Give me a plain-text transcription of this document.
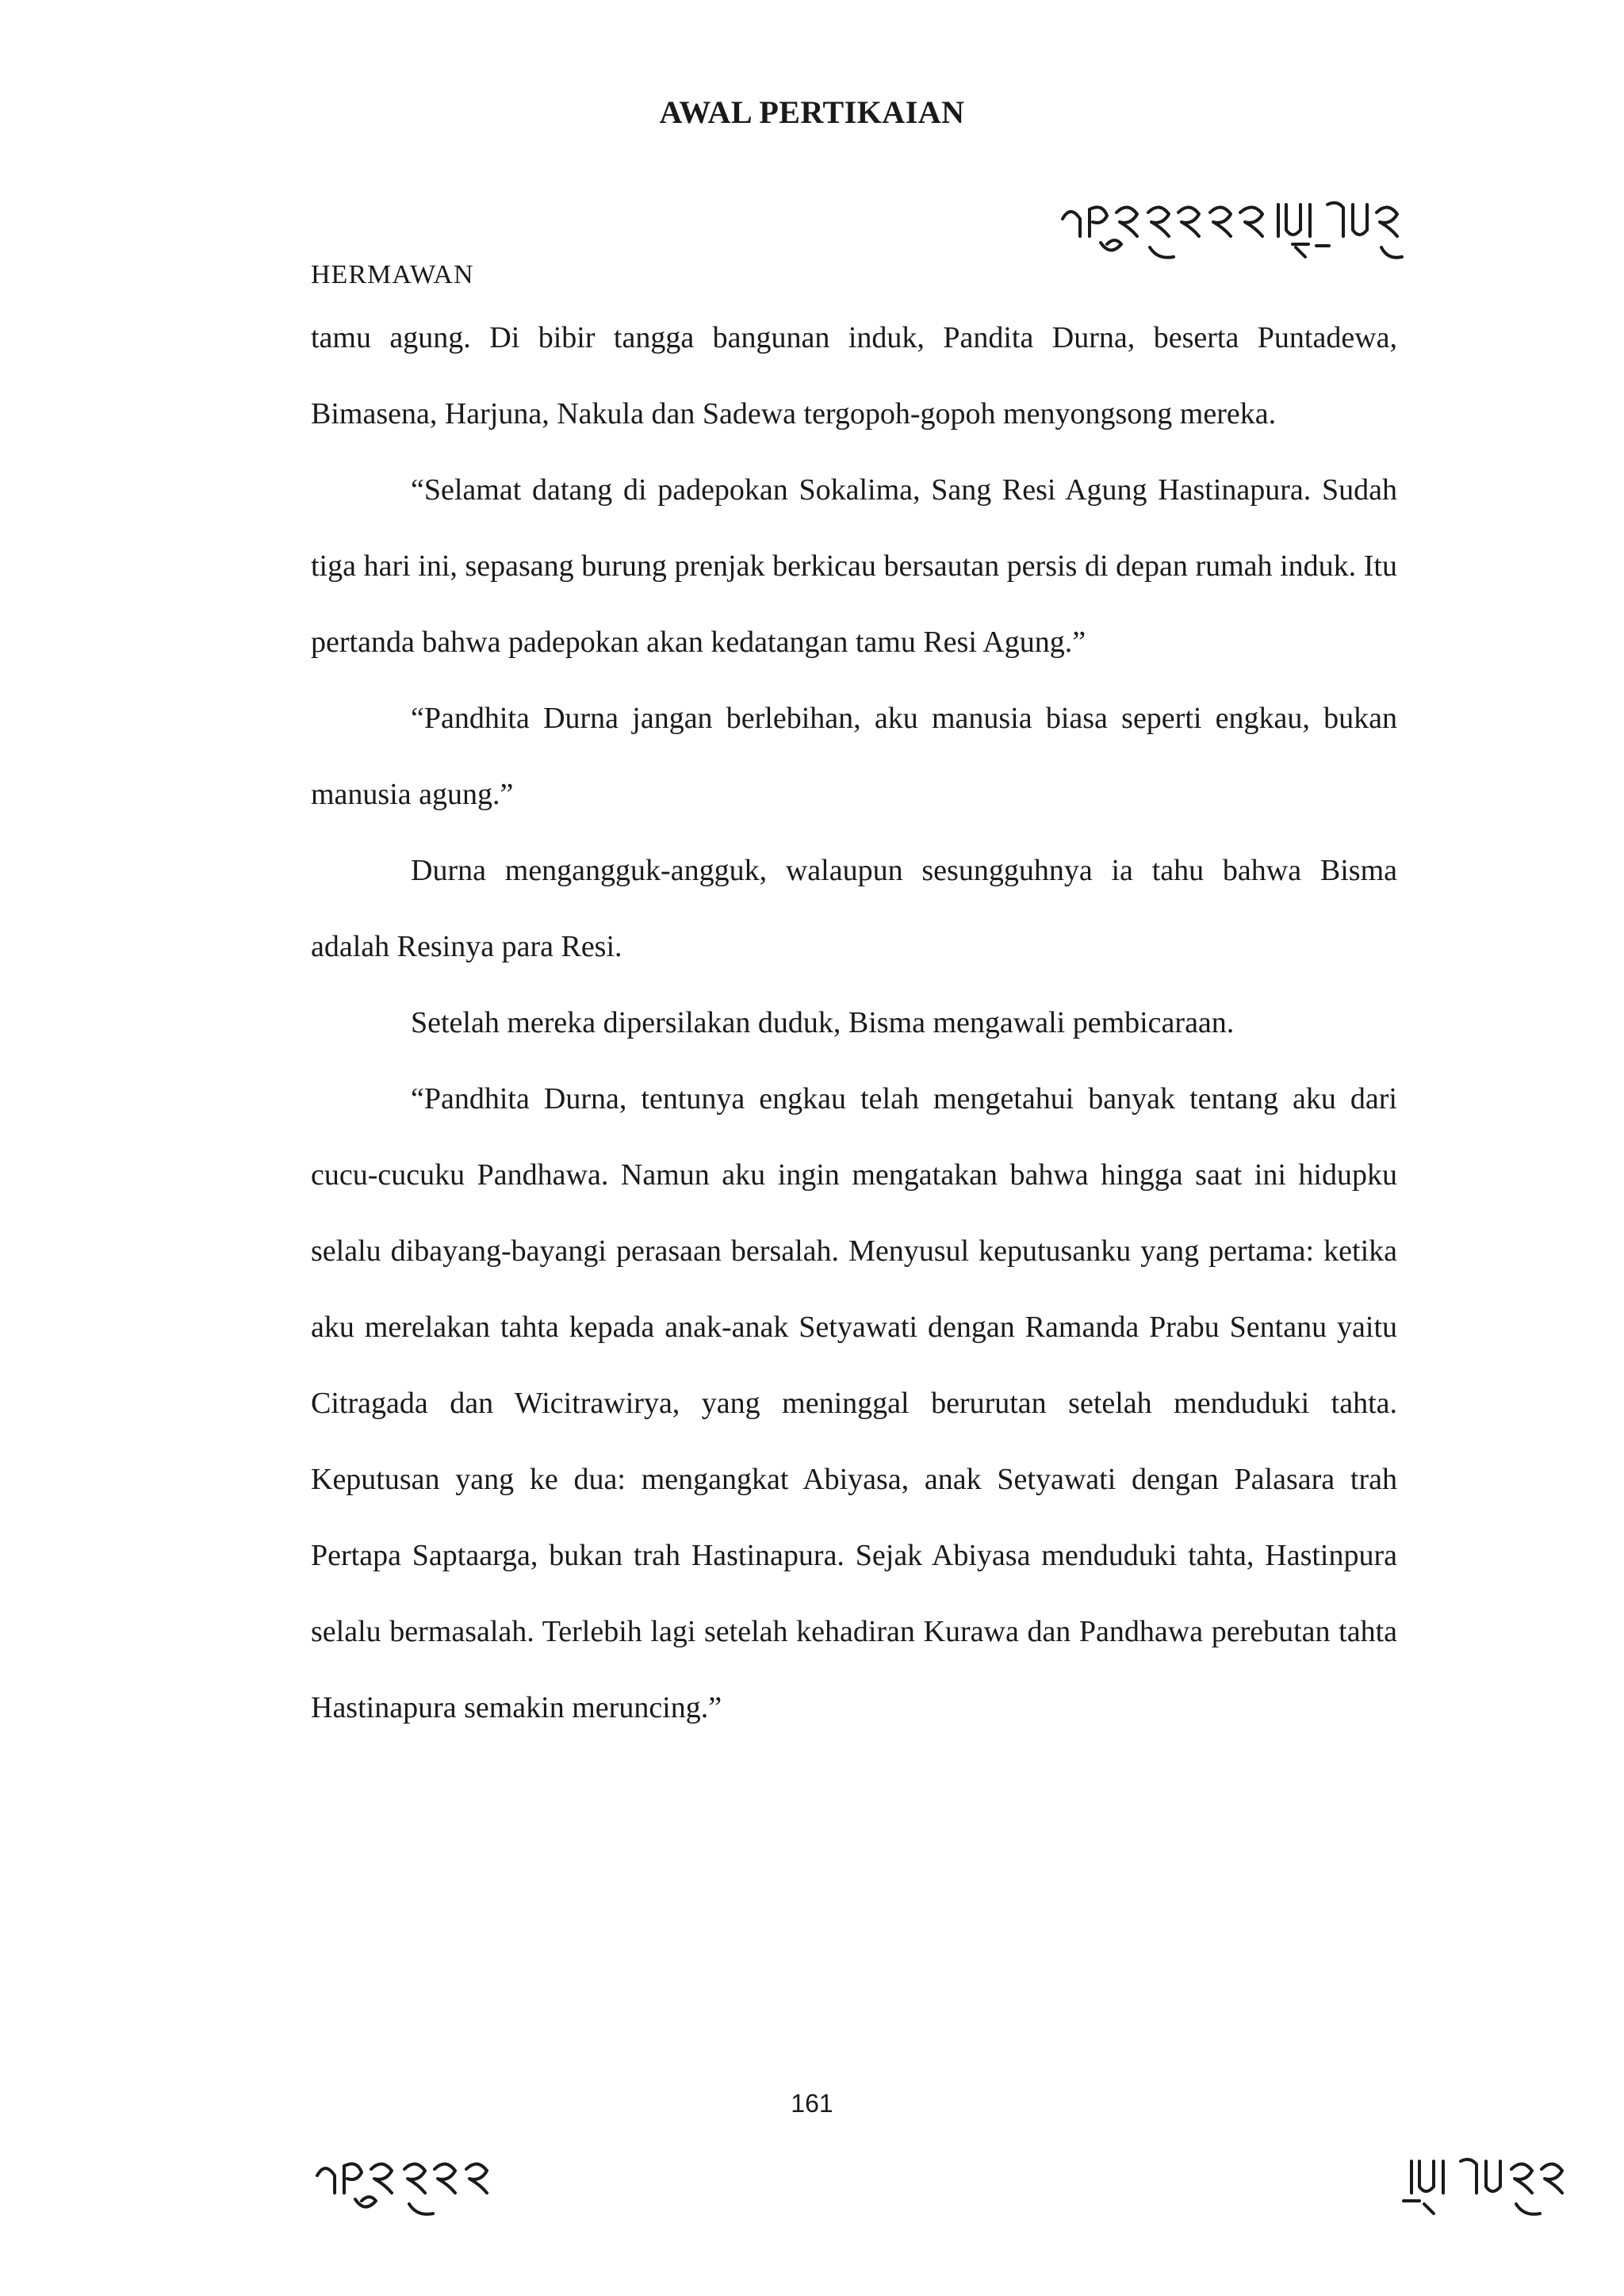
AWAL PERTIKAIAN
HERMAWAN

tamu agung. Di bibir tangga bangunan induk, Pandita Durna, beserta Puntadewa, Bimasena, Harjuna, Nakula dan Sadewa tergopoh-gopoh menyongsong mereka.

“Selamat datang di padepokan Sokalima, Sang Resi Agung Hastinapura. Sudah tiga hari ini, sepasang burung prenjak berkicau bersautan persis di depan rumah induk. Itu pertanda bahwa padepokan akan kedatangan tamu Resi Agung.”

“Pandhita Durna jangan berlebihan, aku manusia biasa seperti engkau, bukan manusia agung.”

Durna mengangguk-angguk, walaupun sesungguhnya ia tahu bahwa Bisma adalah Resinya para Resi.

Setelah mereka dipersilakan duduk, Bisma mengawali pembicaraan.

“Pandhita Durna, tentunya engkau telah mengetahui banyak tentang aku dari cucu-cucuku Pandhawa. Namun aku ingin mengatakan bahwa hingga saat ini hidupku selalu dibayang-bayangi perasaan bersalah. Menyusul keputusanku yang pertama: ketika aku merelakan tahta kepada anak-anak Setyawati dengan Ramanda Prabu Sentanu yaitu Citragada dan Wicitrawirya, yang meninggal berurutan setelah menduduki tahta. Keputusan yang ke dua: mengangkat Abiyasa, anak Setyawati dengan Palasara trah Pertapa Saptaarga, bukan trah Hastinapura. Sejak Abiyasa menduduki tahta, Hastinpura selalu bermasalah. Terlebih lagi setelah kehadiran Kurawa dan Pandhawa perebutan tahta Hastinapura semakin meruncing.”

161
